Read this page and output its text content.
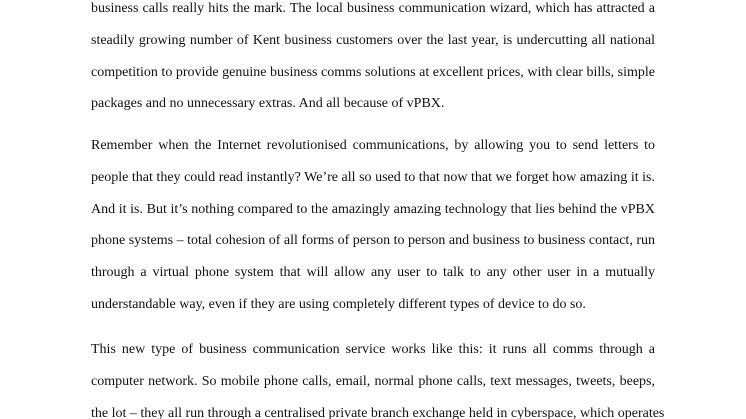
business calls really hits the mark. The local business communication wizard, which has attracted a
steadily growing number of Kent business customers over the last year, is undercutting all national
competition to provide genuine business comms solutions at excellent prices, with clear bills, simple
packages and no unnecessary extras. And all because of vPBX.

Remember when the Internet revolutionised communications, by allowing you to send letters to
people that they could read instantly? We’re all so used to that now that we forget how amazing it is.
And it is. But it’s nothing compared to the amazingly amazing technology that lies behind the vPBX
phone systems – total cohesion of all forms of person to person and business to business contact, run
through a virtual phone system that will allow any user to talk to any other user in a mutually
understandable way, even if they are using completely different types of device to do so.

This new type of business communication service works like this: it runs all comms through a
computer network. So mobile phone calls, email, normal phone calls, text messages, tweets, beeps,
the lot – they all run through a centralised private branch exchange held in cyberspace, which operates
